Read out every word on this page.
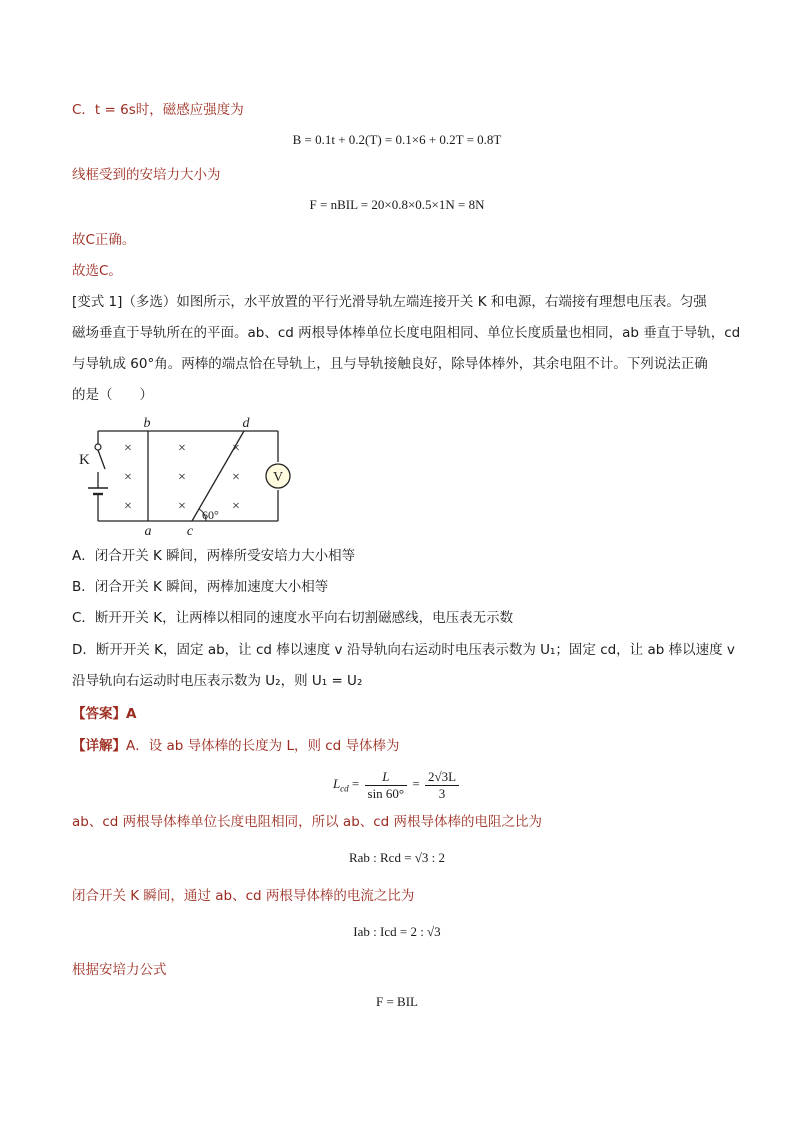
C．t = 6s时，磁感应强度为
B = 0.1t + 0.2(T) = 0.1×6 + 0.2T = 0.8T
线框受到的安培力大小为
F = nBIL = 20×0.8×0.5×1N = 8N
故C正确。
故选C。
[变式 1]（多选）如图所示，水平放置的平行光滑导轨左端连接开关 K 和电源，右端接有理想电压表。匀强
磁场垂直于导轨所在的平面。ab、cd 两根导体棒单位长度电阻相同、单位长度质量也相同，ab 垂直于导轨，cd
与导轨成 60°角。两棒的端点恰在导轨上，且与导轨接触良好，除导体棒外，其余电阻不计。下列说法正确
的是（　　）
V
K
b
a
d
c
60°
×
×
×
×
×
×
×
×
×
A．闭合开关 K 瞬间，两棒所受安培力大小相等
B．闭合开关 K 瞬间，两棒加速度大小相等
C．断开开关 K，让两棒以相同的速度水平向右切割磁感线，电压表无示数
D．断开开关 K，固定 ab，让 cd 棒以速度 v 沿导轨向右运动时电压表示数为 U₁；固定 cd，让 ab 棒以速度 v
沿导轨向右运动时电压表示数为 U₂，则 U₁ = U₂
【答案】A
【详解】A．设 ab 导体棒的长度为 L，则 cd 导体棒为
$L_{cd} = \frac{L}{\sin 60^\circ} = \frac{2√3L}{3}$
ab、cd 两根导体棒单位长度电阻相同，所以 ab、cd 两根导体棒的电阻之比为
Rab : Rcd = √3 : 2
闭合开关 K 瞬间，通过 ab、cd 两根导体棒的电流之比为
Iab : Icd = 2 : √3
根据安培力公式
F = BIL
